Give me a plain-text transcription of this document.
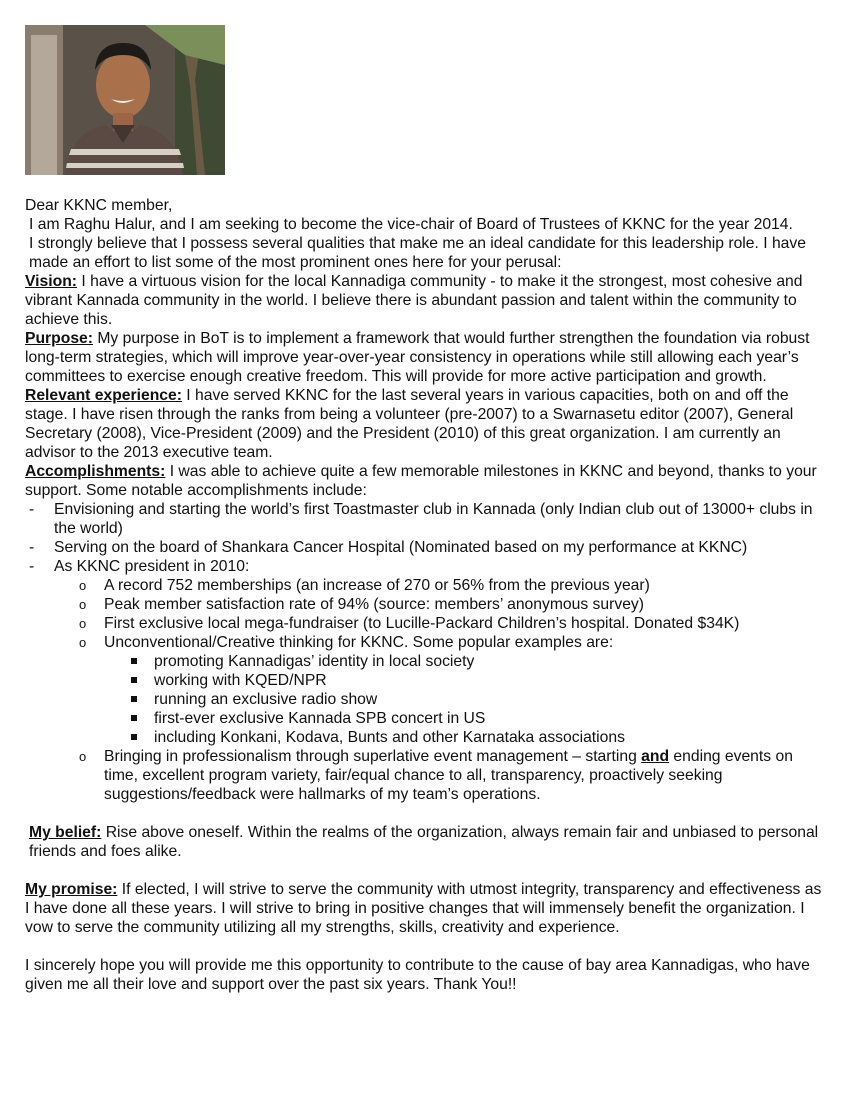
Dear KKNC member,

I am Raghu Halur, and I am seeking to become the vice-chair of Board of Trustees of KKNC for the year 2014.

I strongly believe that I possess several qualities that make me an ideal candidate for this leadership role. I have made an effort to list some of the most prominent ones here for your perusal:

Vision: I have a virtuous vision for the local Kannadiga community - to make it the strongest, most cohesive and vibrant Kannada community in the world. I believe there is abundant passion and talent within the community to achieve this.

Purpose: My purpose in BoT is to implement a framework that would further strengthen the foundation via robust long-term strategies, which will improve year-over-year consistency in operations while still allowing each year’s committees to exercise enough creative freedom. This will provide for more active participation and growth.

Relevant experience: I have served KKNC for the last several years in various capacities, both on and off the stage. I have risen through the ranks from being a volunteer (pre-2007) to a Swarnasetu editor (2007), General Secretary (2008), Vice-President (2009) and the President (2010) of this great organization. I am currently an advisor to the 2013 executive team.

Accomplishments: I was able to achieve quite a few memorable milestones in KKNC and beyond, thanks to your support. Some notable accomplishments include:

- Envisioning and starting the world’s first Toastmaster club in Kannada (only Indian club out of 13000+ clubs in the world)
- Serving on the board of Shankara Cancer Hospital (Nominated based on my performance at KKNC)
- As KKNC president in 2010:
o A record 752 memberships (an increase of 270 or 56% from the previous year)
o Peak member satisfaction rate of 94% (source: members’ anonymous survey)
o First exclusive local mega-fundraiser (to Lucille-Packard Children’s hospital. Donated $34K)
o Unconventional/Creative thinking for KKNC. Some popular examples are:
promoting Kannadigas’ identity in local society
working with KQED/NPR
running an exclusive radio show
first-ever exclusive Kannada SPB concert in US
including Konkani, Kodava, Bunts and other Karnataka associations
o Bringing in professionalism through superlative event management – starting and ending events on time, excellent program variety, fair/equal chance to all, transparency, proactively seeking suggestions/feedback were hallmarks of my team’s operations.

My belief: Rise above oneself. Within the realms of the organization, always remain fair and unbiased to personal friends and foes alike.

My promise: If elected, I will strive to serve the community with utmost integrity, transparency and effectiveness as I have done all these years. I will strive to bring in positive changes that will immensely benefit the organization. I vow to serve the community utilizing all my strengths, skills, creativity and experience.

I sincerely hope you will provide me this opportunity to contribute to the cause of bay area Kannadigas, who have given me all their love and support over the past six years. Thank You!!
